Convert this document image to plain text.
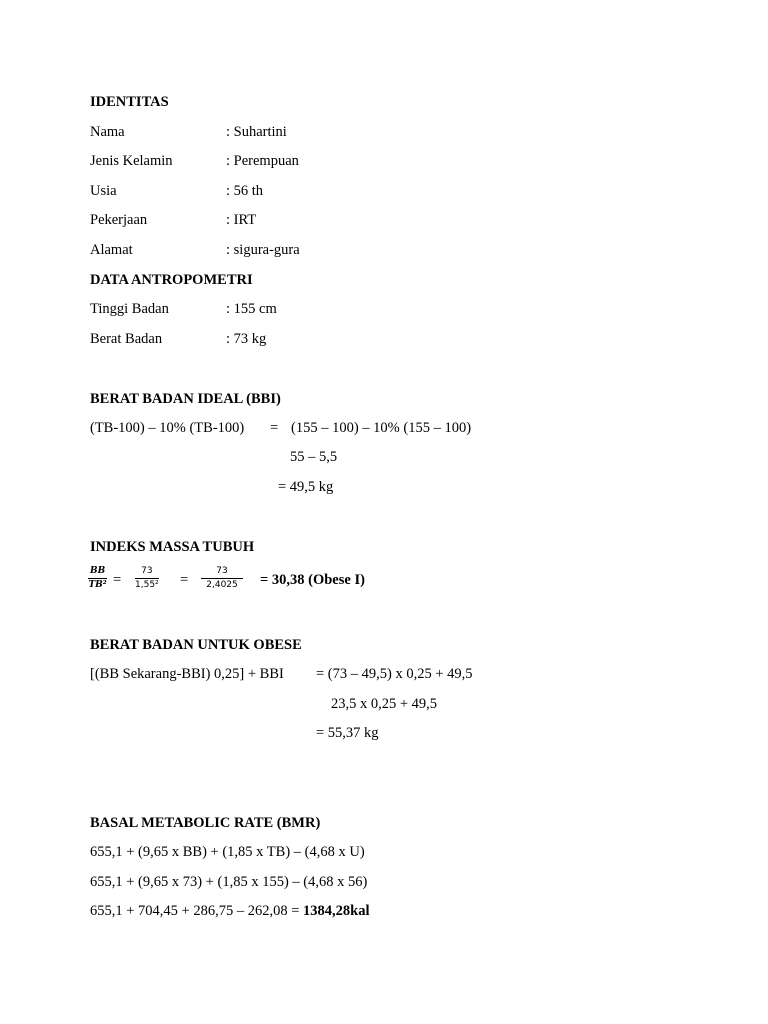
IDENTITAS
Nama	: Suhartini
Jenis Kelamin	: Perempuan
Usia	: 56 th
Pekerjaan	: IRT
Alamat	: sigura-gura
DATA ANTROPOMETRI
Tinggi Badan	: 155 cm
Berat Badan	: 73 kg
BERAT BADAN IDEAL (BBI)
(TB-100) – 10% (TB-100) = (155 – 100) – 10% (155 – 100)
55 – 5,5
= 49,5 kg
INDEKS MASSA TUBUH
$\frac{BB}{\text{TB²}} = \frac{73}{\text{1,55²}} = \frac{73}{2,4025} = 30,38$ (Obese I)
BERAT BADAN UNTUK OBESE
[(BB Sekarang-BBI) 0,25] + BBI = (73 – 49,5) x 0,25 + 49,5
23,5 x 0,25 + 49,5
= 55,37 kg
BASAL METABOLIC RATE (BMR)
655,1 + (9,65 x BB) + (1,85 x TB) – (4,68 x U)
655,1 + (9,65 x 73) + (1,85 x 155) – (4,68 x 56)
655,1 + 704,45 + 286,75 – 262,08 = 1384,28kal
